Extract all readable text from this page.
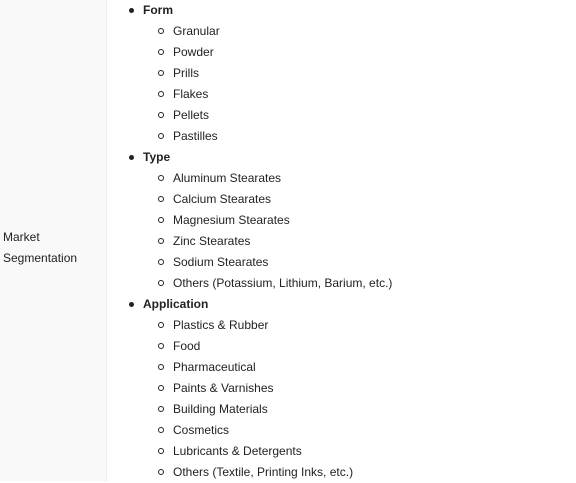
Market
Segmentation
Form
Granular
Powder
Prills
Flakes
Pellets
Pastilles
Type
Aluminum Stearates
Calcium Stearates
Magnesium Stearates
Zinc Stearates
Sodium Stearates
Others (Potassium, Lithium, Barium, etc.)
Application
Plastics & Rubber
Food
Pharmaceutical
Paints & Varnishes
Building Materials
Cosmetics
Lubricants & Detergents
Others (Textile, Printing Inks, etc.)
